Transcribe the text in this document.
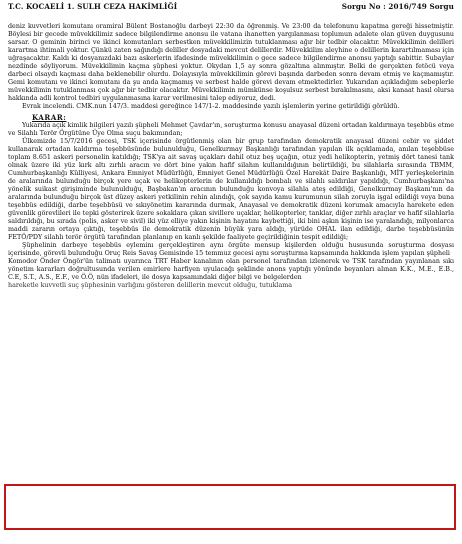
T.C. KOCAELİ 1. SULH CEZA HAKİMLİĞİ	Sorgu No : 2016/749 Sorgu

deniz kuvvetleri komutanı oramiral Bülent Bostanoğlu darbeyi 22:30 da öğrenmiş. Ve 23:00 da telefonunu kapatma gereği hissetmiştir. Böylesi bir gecede müvekkilimiz sadece bilgilendirme anonsu ile vatana ihanetten yargılanması toplumun adalete olan güven duygusunu sarsar. O geminin birinci ve ikinci komutanları serbestken müvekkilimizin tutuklanması ağır bir tedbir olacaktır. Müvekkilimin delilleri karartma ihtimali yoktur. Çünkü zaten sağındığı deliller dosyadaki mevcut delillerdir. Müvekkilim aleyhine o delillerin karartılmaması için uğraşacaktır. Kaldı ki dosyanızdaki bazı askerlerin ifadesinde müvekkilimin o gece sadece bilgilendirme anonsu yaptığı sabittir. Subaylar nezdinde söyliyorum. Müvekkilimin kaçma şüphesi yoktur. Okydan 1,5 ay sonra gözaltına alınmıştır. Belki de gerçekten fetöcü veya darbeci olsaydı kaçması daha beklenebilir olurdu. Dolayısıyla müvekkilimin görevi başında darbeden sonra devam etmiş ve kaçmamıştır. Gemi komutanı ve ikinci komutanı da şu anda kaçmamış ve serbest halde görevi devam etmektedirler. Yukarıdan açıkladığım sebeplerle müvekkilimin tutuklanması çok ağır bir tedbir olacaktır. Müvekkilimin mümkünse koşulsuz serbest bırakılmasını, aksi kanaat hasıl olursa hakkında adli kontrol tedbiri uygulanmasına karar verilmesini talep ediyoruz, dedi.

Evrak incelendi. CMK.nun 147/3. maddesi gereğince 147/1-2. maddesinde yazılı işlemlerin yerine getirildiği görüldü.

KARAR:

Yukarıda açık kimlik bilgileri yazılı şüpheli Mehmet Çavdar'ın, soruşturma konusu anayasal düzeni ortadan kaldırmaya teşebbüs etme ve Silahlı Terör Örgütüne Üye Olma suçu bakımından;

Ülkemizde 15/7/2016 gecesi, TSK içerisinde örgütlenmiş olan bir grup tarafından demokratik anayasal düzeni cebir ve şiddet kullanarak ortadan kaldırma teşebbüsünde bulunulduğu, Genelkurmay Başkanlığı tarafından yapılan ilk açıklamada, anılan teşebbüse toplam 8.651 askeri personelin katıldığı; TSK'ya ait savaş uçakları dahil otuz beş uçağın, otuz yedi helikopterin, yetmiş dört tanesi tank olmak üzere iki yüz kırk altı zırhlı aracın ve dört bine yakın hafif silahın kullanıldığının belirtildiği, bu silahlarla sırasında TBMM, Cumhurbaşkanlığı Külliyesi, Ankara Emniyet Müdürlüğü, Emniyet Genel Müdürlüğü Özel Harekât Daire Başkanlığı, MİT yerleşkelerinin de aralarında bulunduğu birçok yere uçak ve helikopterlerin de kullanıldığı bombalı ve silahlı saldırılar yapıldığı, Cumhurbaşkanı'na yönelik suikast girişiminde bulunulduğu, Başbakan'ın aracının bulunduğu konvoya silahla ateş edildiği, Genelkurmay Başkanı'nın da aralarında bulunduğu birçok üst düzey askeri yetkilinin rehin alındığı, çok sayıda kamu kurumunun silah zoruyla işgal edildiği veya buna teşebbüs edildiği, darbe teşebbüsü ve sıkıyönetim kararında durmak, Anayasal ve demokratik düzeni korumak amacıyla harekete eden güvenlik görevlileri ile tepki gösterirek üzere sokaklara çıkan sivillere uçaklar, helikopterler, tanklar, diğer zırhlı araçlar ve hafif silahlarla saldırıldığı, bu sırada (polis, asker ve sivil) iki yüz elliye yakın kişinin hayatını kaybettiği, iki bini aşkın kişinin ise yaralandığı, milyonlarca maddi zararın ortaya çıktığı, teşebbüs ile demokratik düzenin büyük yara aldığı, yürüde OHAL ilan edildiği, darbe teşebbüsünün FETÖ/PDY silahlı terör örgütü tarafından planlanıp en kanlı şekilde faaliyete geçirildiğinin tespit edildiği;

Şüphelinin darbeye teşebbüs eyleminı gerçekleştiren aynı örgüte mensup kişilerden olduğu hususunda soruşturma dosyası içerisinde, görevli bulunduğu Oruç Reis Savaş Gemisinde 15 temmuz gecesi aynı soruşturma kapsamında hakkında işlem yapılan şüpheli

Komodor Önder Öngör'ün talimatı uyarınca TRT Haber kanalının olan personel tarafından izlenerek ve TSK tarafından yayınlanan sıkı yönetim kararları doğrultusunda verilen emirlere harfiyen uyulacağı şeklinde anons yaptığı yönünde beyanları alınan K.K., M.E., E.B., C.E, S.T., A.S., E.F., ve Ö.Ö, nün ifadeleri, ile dosya kapsamındaki diğer bilgi ve belgelerden

hareketle kuvvetli suç şüphesinin varlığını gösteren delillerin mevcut olduğu, tutuklama
